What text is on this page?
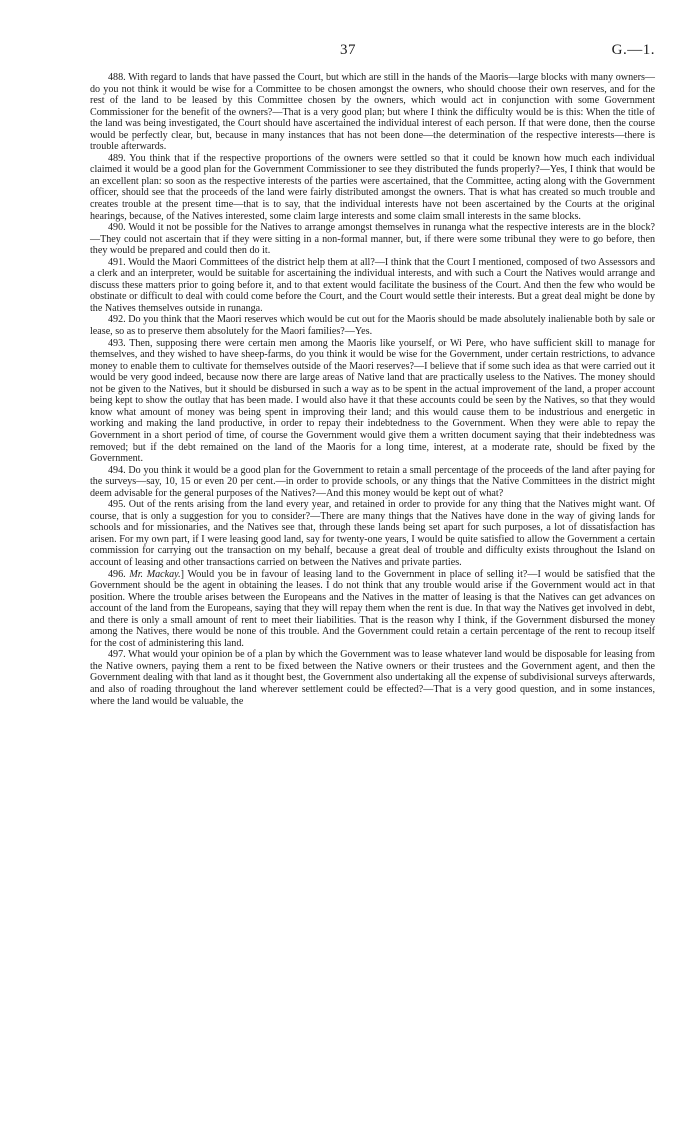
37	G.—1.

488. With regard to lands that have passed the Court, but which are still in the hands of the Maoris—large blocks with many owners—do you not think it would be wise for a Committee to be chosen amongst the owners, who should choose their own reserves, and for the rest of the land to be leased by this Committee chosen by the owners, which would act in conjunction with some Government Commissioner for the benefit of the owners?—That is a very good plan; but where I think the difficulty would be is this: When the title of the land was being investigated, the Court should have ascertained the individual interest of each person. If that were done, then the course would be perfectly clear, but, because in many instances that has not been done—the determination of the respective interests—there is trouble afterwards.

489. You think that if the respective proportions of the owners were settled so that it could be known how much each individual claimed it would be a good plan for the Government Commissioner to see they distributed the funds properly?—Yes, I think that would be an excellent plan: so soon as the respective interests of the parties were ascertained, that the Committee, acting along with the Government officer, should see that the proceeds of the land were fairly distributed amongst the owners. That is what has created so much trouble and creates trouble at the present time—that is to say, that the individual interests have not been ascertained by the Courts at the original hearings, because, of the Natives interested, some claim large interests and some claim small interests in the same blocks.

490. Would it not be possible for the Natives to arrange amongst themselves in runanga what the respective interests are in the block?—They could not ascertain that if they were sitting in a non-formal manner, but, if there were some tribunal they were to go before, then they would be prepared and could then do it.

491. Would the Maori Committees of the district help them at all?—I think that the Court I mentioned, composed of two Assessors and a clerk and an interpreter, would be suitable for ascertaining the individual interests, and with such a Court the Natives would arrange and discuss these matters prior to going before it, and to that extent would facilitate the business of the Court. And then the few who would be obstinate or difficult to deal with could come before the Court, and the Court would settle their interests. But a great deal might be done by the Natives themselves outside in runanga.

492. Do you think that the Maori reserves which would be cut out for the Maoris should be made absolutely inalienable both by sale or lease, so as to preserve them absolutely for the Maori families?—Yes.

493. Then, supposing there were certain men among the Maoris like yourself, or Wi Pere, who have sufficient skill to manage for themselves, and they wished to have sheep-farms, do you think it would be wise for the Government, under certain restrictions, to advance money to enable them to cultivate for themselves outside of the Maori reserves?—I believe that if some such idea as that were carried out it would be very good indeed, because now there are large areas of Native land that are practically useless to the Natives. The money should not be given to the Natives, but it should be disbursed in such a way as to be spent in the actual improvement of the land, a proper account being kept to show the outlay that has been made. I would also have it that these accounts could be seen by the Natives, so that they would know what amount of money was being spent in improving their land; and this would cause them to be industrious and energetic in working and making the land productive, in order to repay their indebtedness to the Government. When they were able to repay the Government in a short period of time, of course the Government would give them a written document saying that their indebtedness was removed; but if the debt remained on the land of the Maoris for a long time, interest, at a moderate rate, should be fixed by the Government.

494. Do you think it would be a good plan for the Government to retain a small percentage of the proceeds of the land after paying for the surveys—say, 10, 15 or even 20 per cent.—in order to provide schools, or any things that the Native Committees in the district might deem advisable for the general purposes of the Natives?—And this money would be kept out of what?

495. Out of the rents arising from the land every year, and retained in order to provide for any thing that the Natives might want. Of course, that is only a suggestion for you to consider?—There are many things that the Natives have done in the way of giving lands for schools and for missionaries, and the Natives see that, through these lands being set apart for such purposes, a lot of dissatisfaction has arisen. For my own part, if I were leasing good land, say for twenty-one years, I would be quite satisfied to allow the Government a certain commission for carrying out the transaction on my behalf, because a great deal of trouble and difficulty exists throughout the Island on account of leasing and other transactions carried on between the Natives and private parties.

496. Mr. Mackay.] Would you be in favour of leasing land to the Government in place of selling it?—I would be satisfied that the Government should be the agent in obtaining the leases. I do not think that any trouble would arise if the Government would act in that position. Where the trouble arises between the Europeans and the Natives in the matter of leasing is that the Natives can get advances on account of the land from the Europeans, saying that they will repay them when the rent is due. In that way the Natives get involved in debt, and there is only a small amount of rent to meet their liabilities. That is the reason why I think, if the Government disbursed the money among the Natives, there would be none of this trouble. And the Government could retain a certain percentage of the rent to recoup itself for the cost of administering this land.

497. What would your opinion be of a plan by which the Government was to lease whatever land would be disposable for leasing from the Native owners, paying them a rent to be fixed between the Native owners or their trustees and the Government agent, and then the Government dealing with that land as it thought best, the Government also undertaking all the expense of subdivisional surveys afterwards, and also of roading throughout the land wherever settlement could be effected?—That is a very good question, and in some instances, where the land would be valuable, the
